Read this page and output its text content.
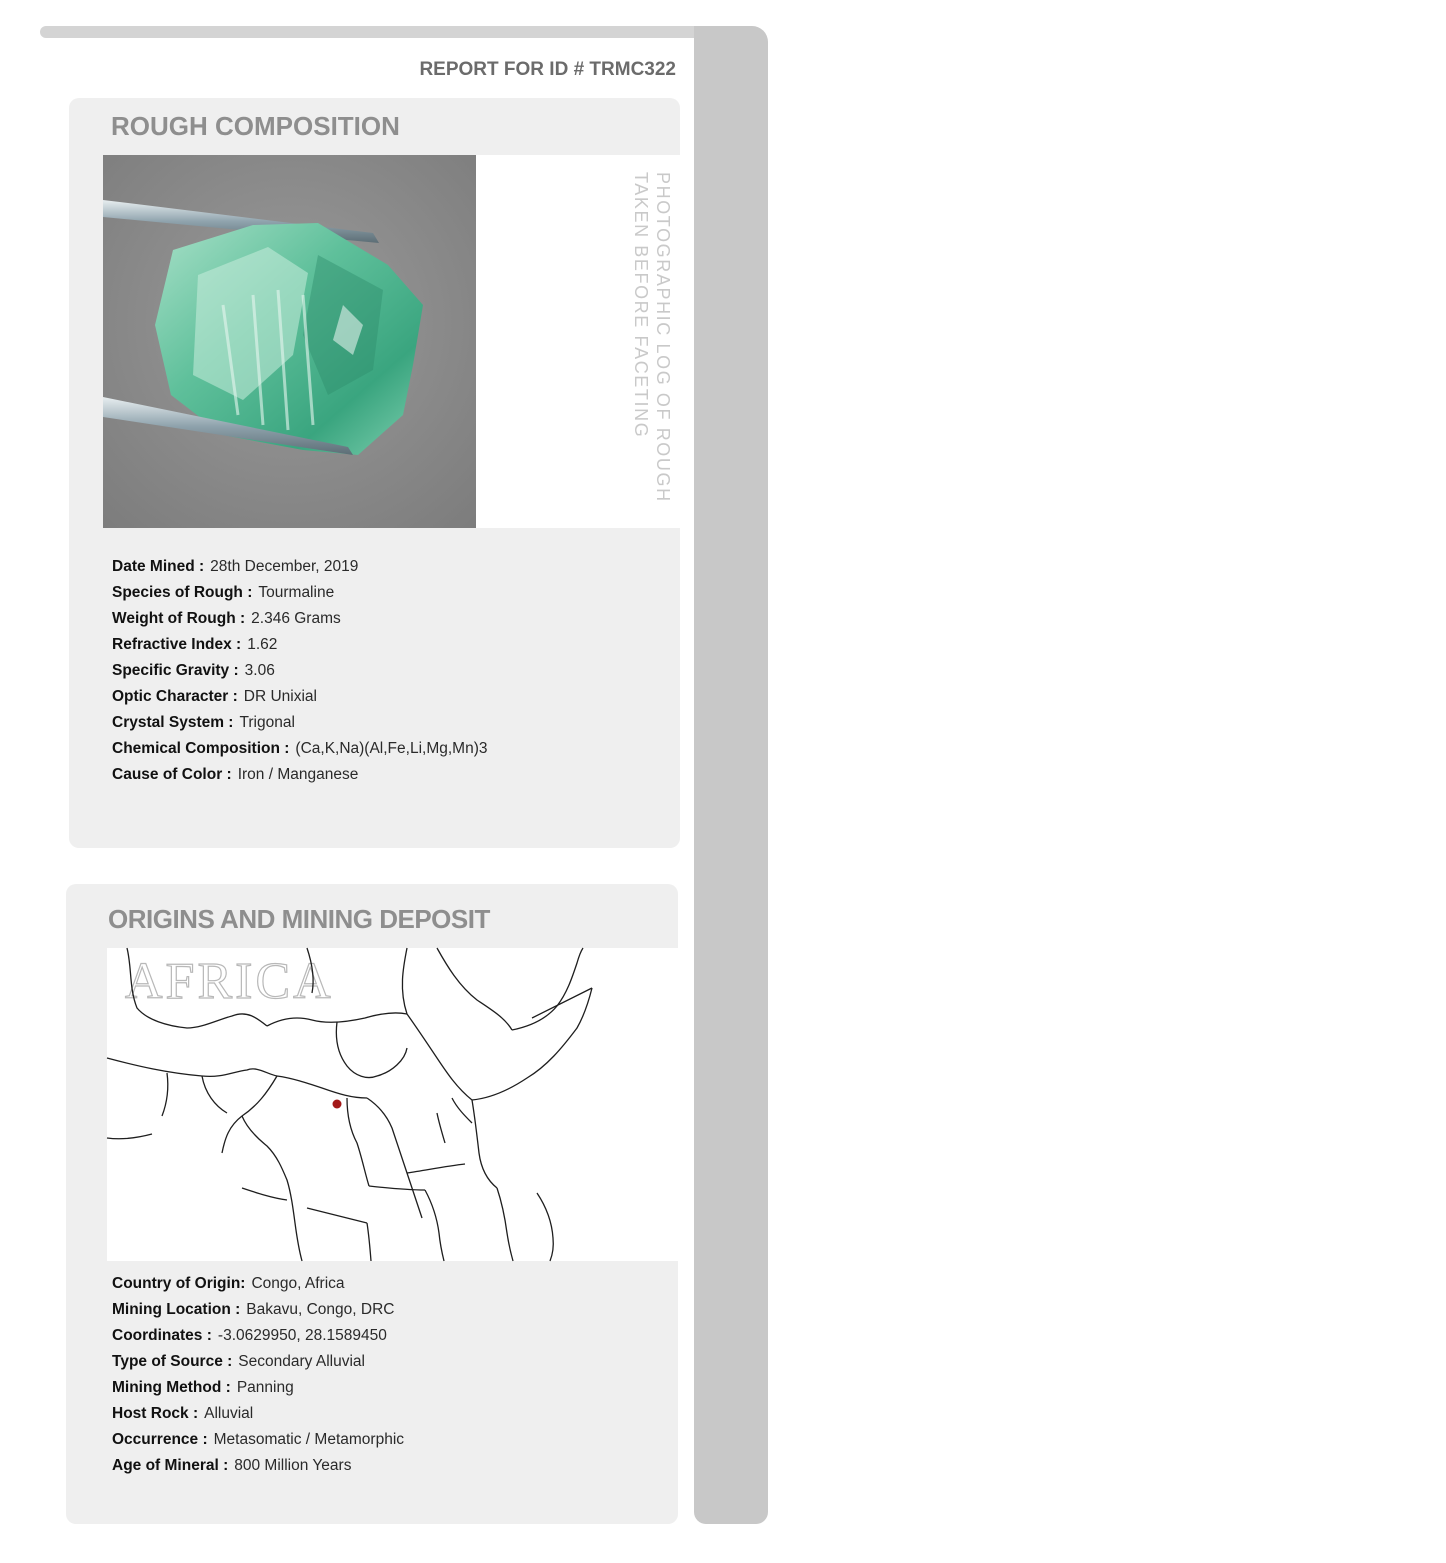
GEMSTONE MINING & GEOLOGY REPORT
REPORT FOR ID # TRMC322
ROUGH COMPOSITION
PHOTOGRAPHIC LOG OF ROUGH
TAKEN BEFORE FACETING
Date Mined : 28th December, 2019
Species of Rough : Tourmaline
Weight of Rough : 2.346 Grams
Refractive Index : 1.62
Specific Gravity : 3.06
Optic Character : DR Unixial
Crystal System : Trigonal
Chemical Composition : (Ca,K,Na)(Al,Fe,Li,Mg,Mn)3
Cause of Color : Iron / Manganese
ORIGINS AND MINING DEPOSIT
AFRICA
Country of Origin: Congo, Africa
Mining Location : Bakavu, Congo, DRC
Coordinates : -3.0629950, 28.1589450
Type of Source : Secondary Alluvial
Mining Method : Panning
Host Rock : Alluvial
Occurrence : Metasomatic / Metamorphic
Age of Mineral : 800 Million Years
